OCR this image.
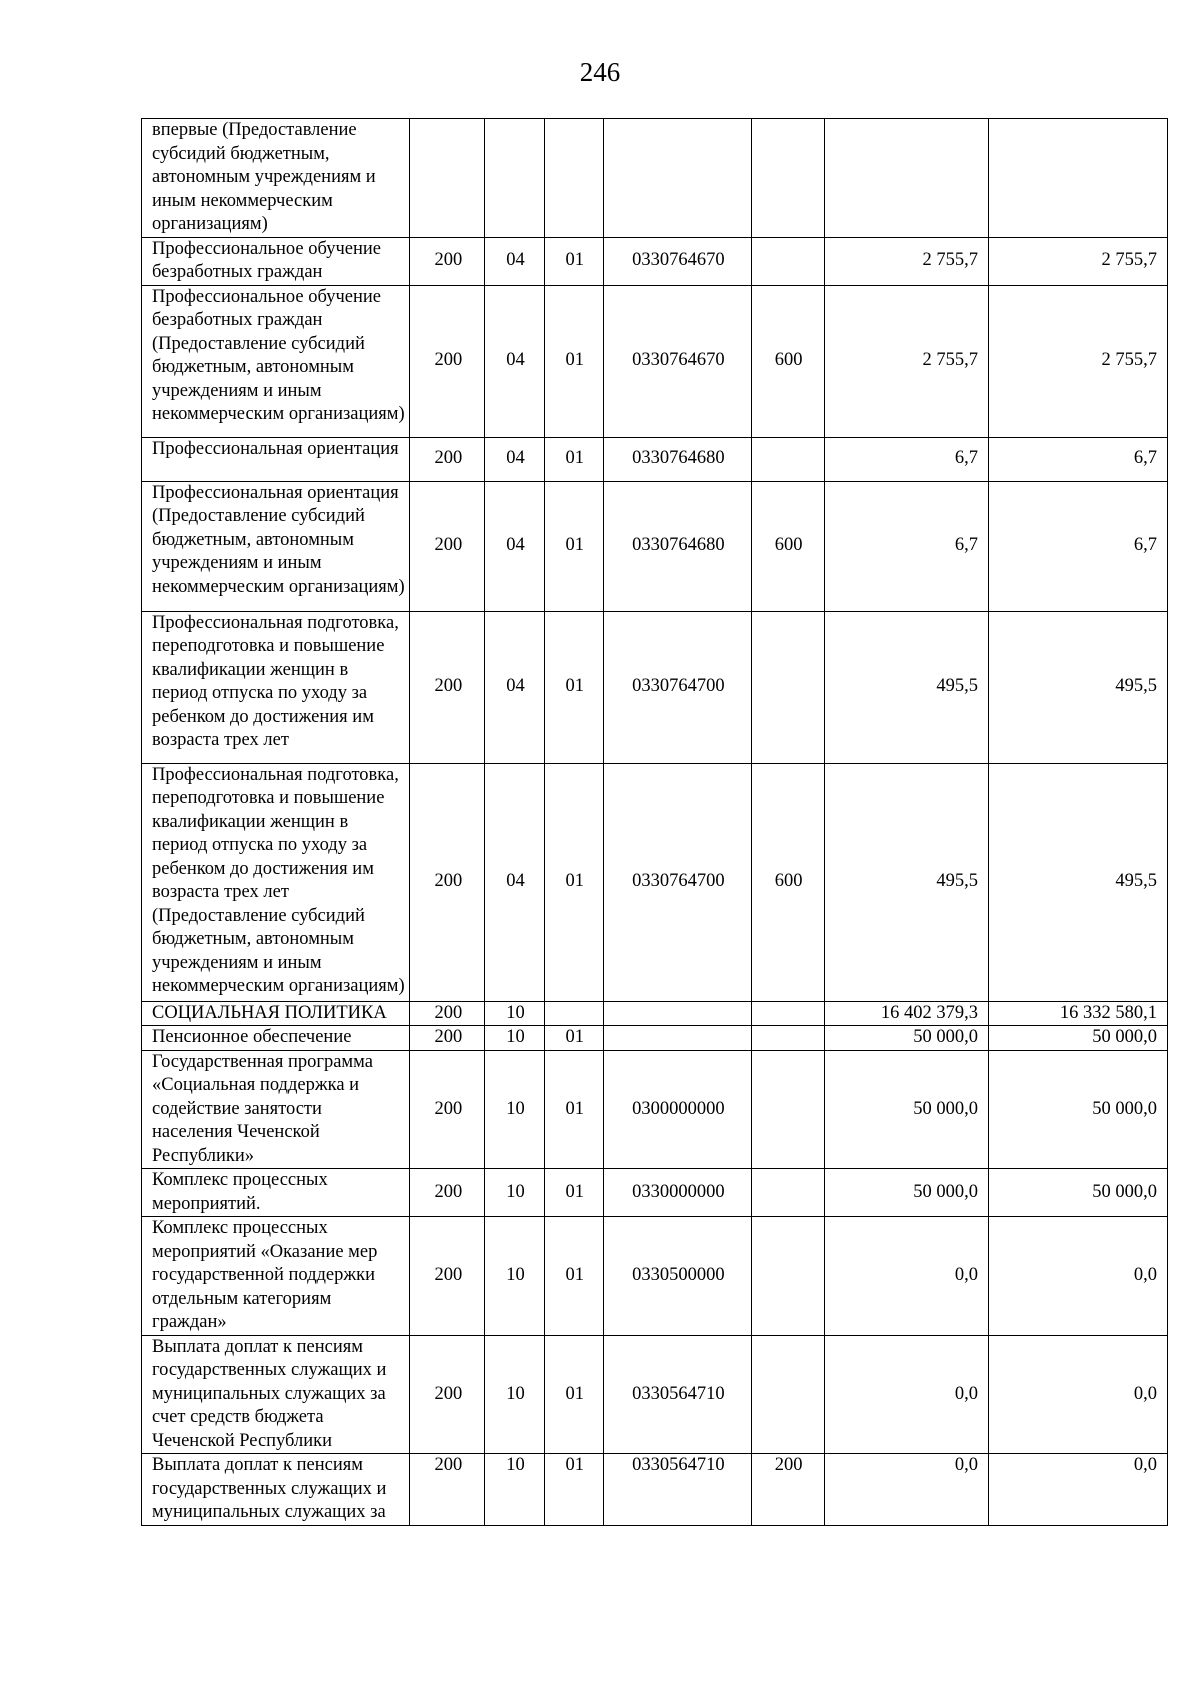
246
впервые (Предоставление субсидий бюджетным, автономным учреждениям и иным некоммерческим организациям)							
Профессиональное обучение безработных граждан	200	04	01	0330764670		2 755,7	2 755,7
Профессиональное обучение безработных граждан (Предоставление субсидий бюджетным, автономным учреждениям и иным некоммерческим организациям)	200	04	01	0330764670	600	2 755,7	2 755,7
Профессиональная ориентация	200	04	01	0330764680		6,7	6,7
Профессиональная ориентация (Предоставление субсидий бюджетным, автономным учреждениям и иным некоммерческим организациям)	200	04	01	0330764680	600	6,7	6,7
Профессиональная подготовка, переподготовка и повышение квалификации женщин в период отпуска по уходу за ребенком до достижения им возраста трех лет	200	04	01	0330764700		495,5	495,5
Профессиональная подготовка, переподготовка и повышение квалификации женщин в период отпуска по уходу за ребенком до достижения им возраста трех лет (Предоставление субсидий бюджетным, автономным учреждениям и иным некоммерческим организациям)	200	04	01	0330764700	600	495,5	495,5
СОЦИАЛЬНАЯ ПОЛИТИКА	200	10				16 402 379,3	16 332 580,1
Пенсионное обеспечение	200	10	01			50 000,0	50 000,0
Государственная программа «Социальная поддержка и содействие занятости населения Чеченской Республики»	200	10	01	0300000000		50 000,0	50 000,0
Комплекс процессных мероприятий.	200	10	01	0330000000		50 000,0	50 000,0
Комплекс процессных мероприятий «Оказание мер государственной поддержки отдельным категориям граждан»	200	10	01	0330500000		0,0	0,0
Выплата доплат к пенсиям государственных служащих и муниципальных служащих за счет средств бюджета Чеченской Республики	200	10	01	0330564710		0,0	0,0
Выплата доплат к пенсиям государственных служащих и муниципальных служащих за	200	10	01	0330564710	200	0,0	0,0
